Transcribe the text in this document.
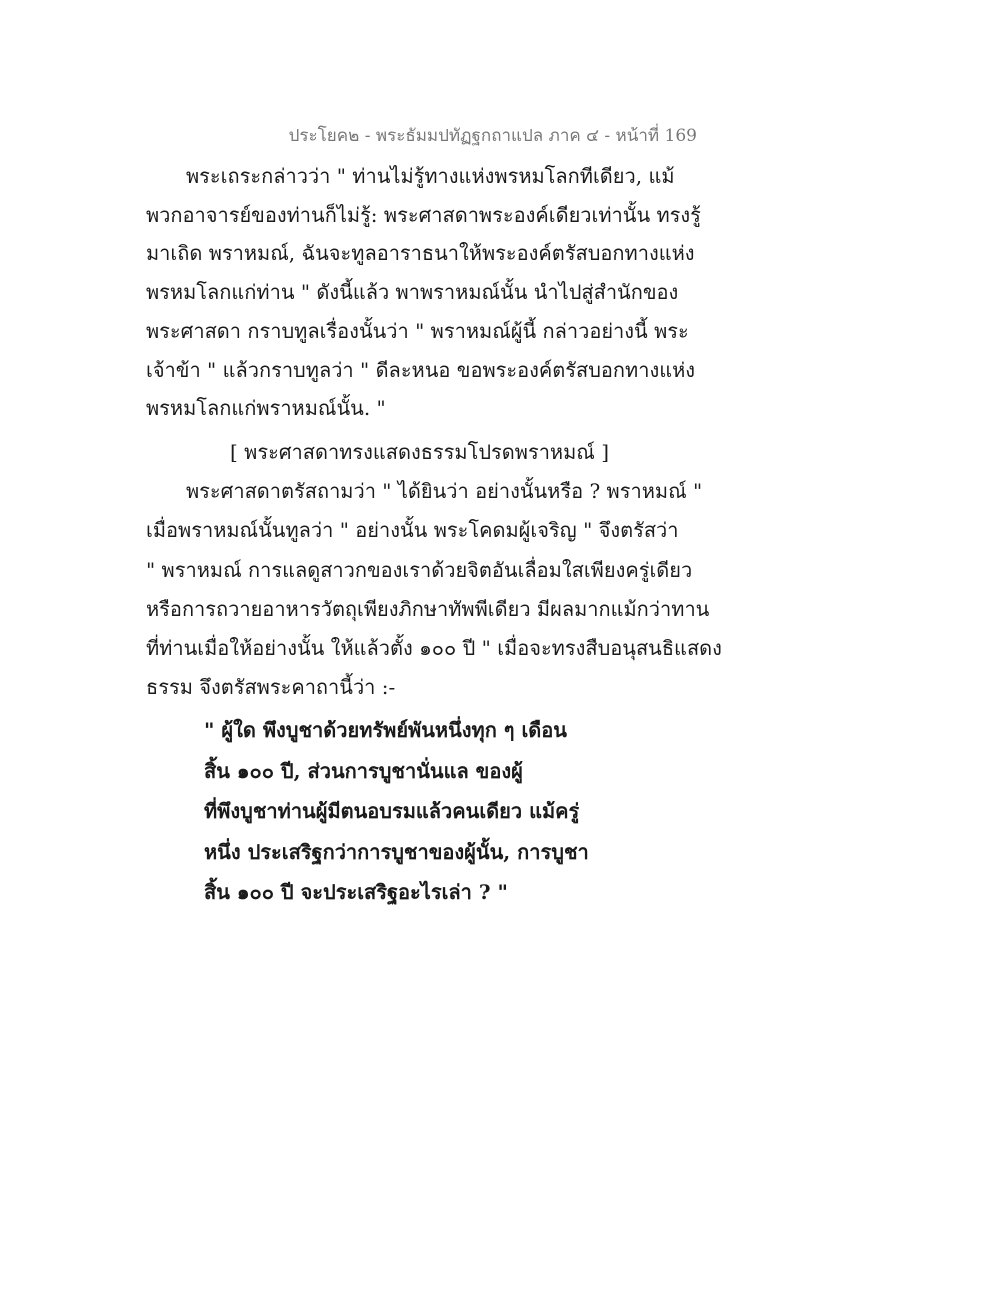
ประโยค๒ - พระธัมมปทัฏฐกถาแปล ภาค ๔ - หน้าที่ 169
พระเถระกล่าวว่า " ท่านไม่รู้ทางแห่งพรหมโลกทีเดียว, แม้
พวกอาจารย์ของท่านก็ไม่รู้: พระศาสดาพระองค์เดียวเท่านั้น ทรงรู้
มาเถิด พราหมณ์, ฉันจะทูลอาราธนาให้พระองค์ตรัสบอกทางแห่ง
พรหมโลกแก่ท่าน " ดังนี้แล้ว พาพราหมณ์นั้น นำไปสู่สำนักของ
พระศาสดา กราบทูลเรื่องนั้นว่า " พราหมณ์ผู้นี้ กล่าวอย่างนี้ พระ
เจ้าข้า " แล้วกราบทูลว่า " ดีละหนอ ขอพระองค์ตรัสบอกทางแห่ง
พรหมโลกแก่พราหมณ์นั้น. "
[ พระศาสดาทรงแสดงธรรมโปรดพราหมณ์ ]
พระศาสดาตรัสถามว่า " ได้ยินว่า อย่างนั้นหรือ ? พราหมณ์ "
เมื่อพราหมณ์นั้นทูลว่า " อย่างนั้น พระโคดมผู้เจริญ " จึงตรัสว่า
" พราหมณ์ การแลดูสาวกของเราด้วยจิตอันเลื่อมใสเพียงครู่เดียว
หรือการถวายอาหารวัตถุเพียงภิกษาทัพพีเดียว มีผลมากแม้กว่าทาน
ที่ท่านเมื่อให้อย่างนั้น ให้แล้วตั้ง ๑๐๐ ปี " เมื่อจะทรงสืบอนุสนธิแสดง
ธรรม จึงตรัสพระคาถานี้ว่า :-
" ผู้ใด พึงบูชาด้วยทรัพย์พันหนึ่งทุก ๆ เดือน
สิ้น ๑๐๐ ปี, ส่วนการบูชานั่นแล ของผู้
ที่พึงบูชาท่านผู้มีตนอบรมแล้วคนเดียว แม้ครู่
หนึ่ง ประเสริฐกว่าการบูชาของผู้นั้น, การบูชา
สิ้น ๑๐๐ ปี จะประเสริฐอะไรเล่า ? "
